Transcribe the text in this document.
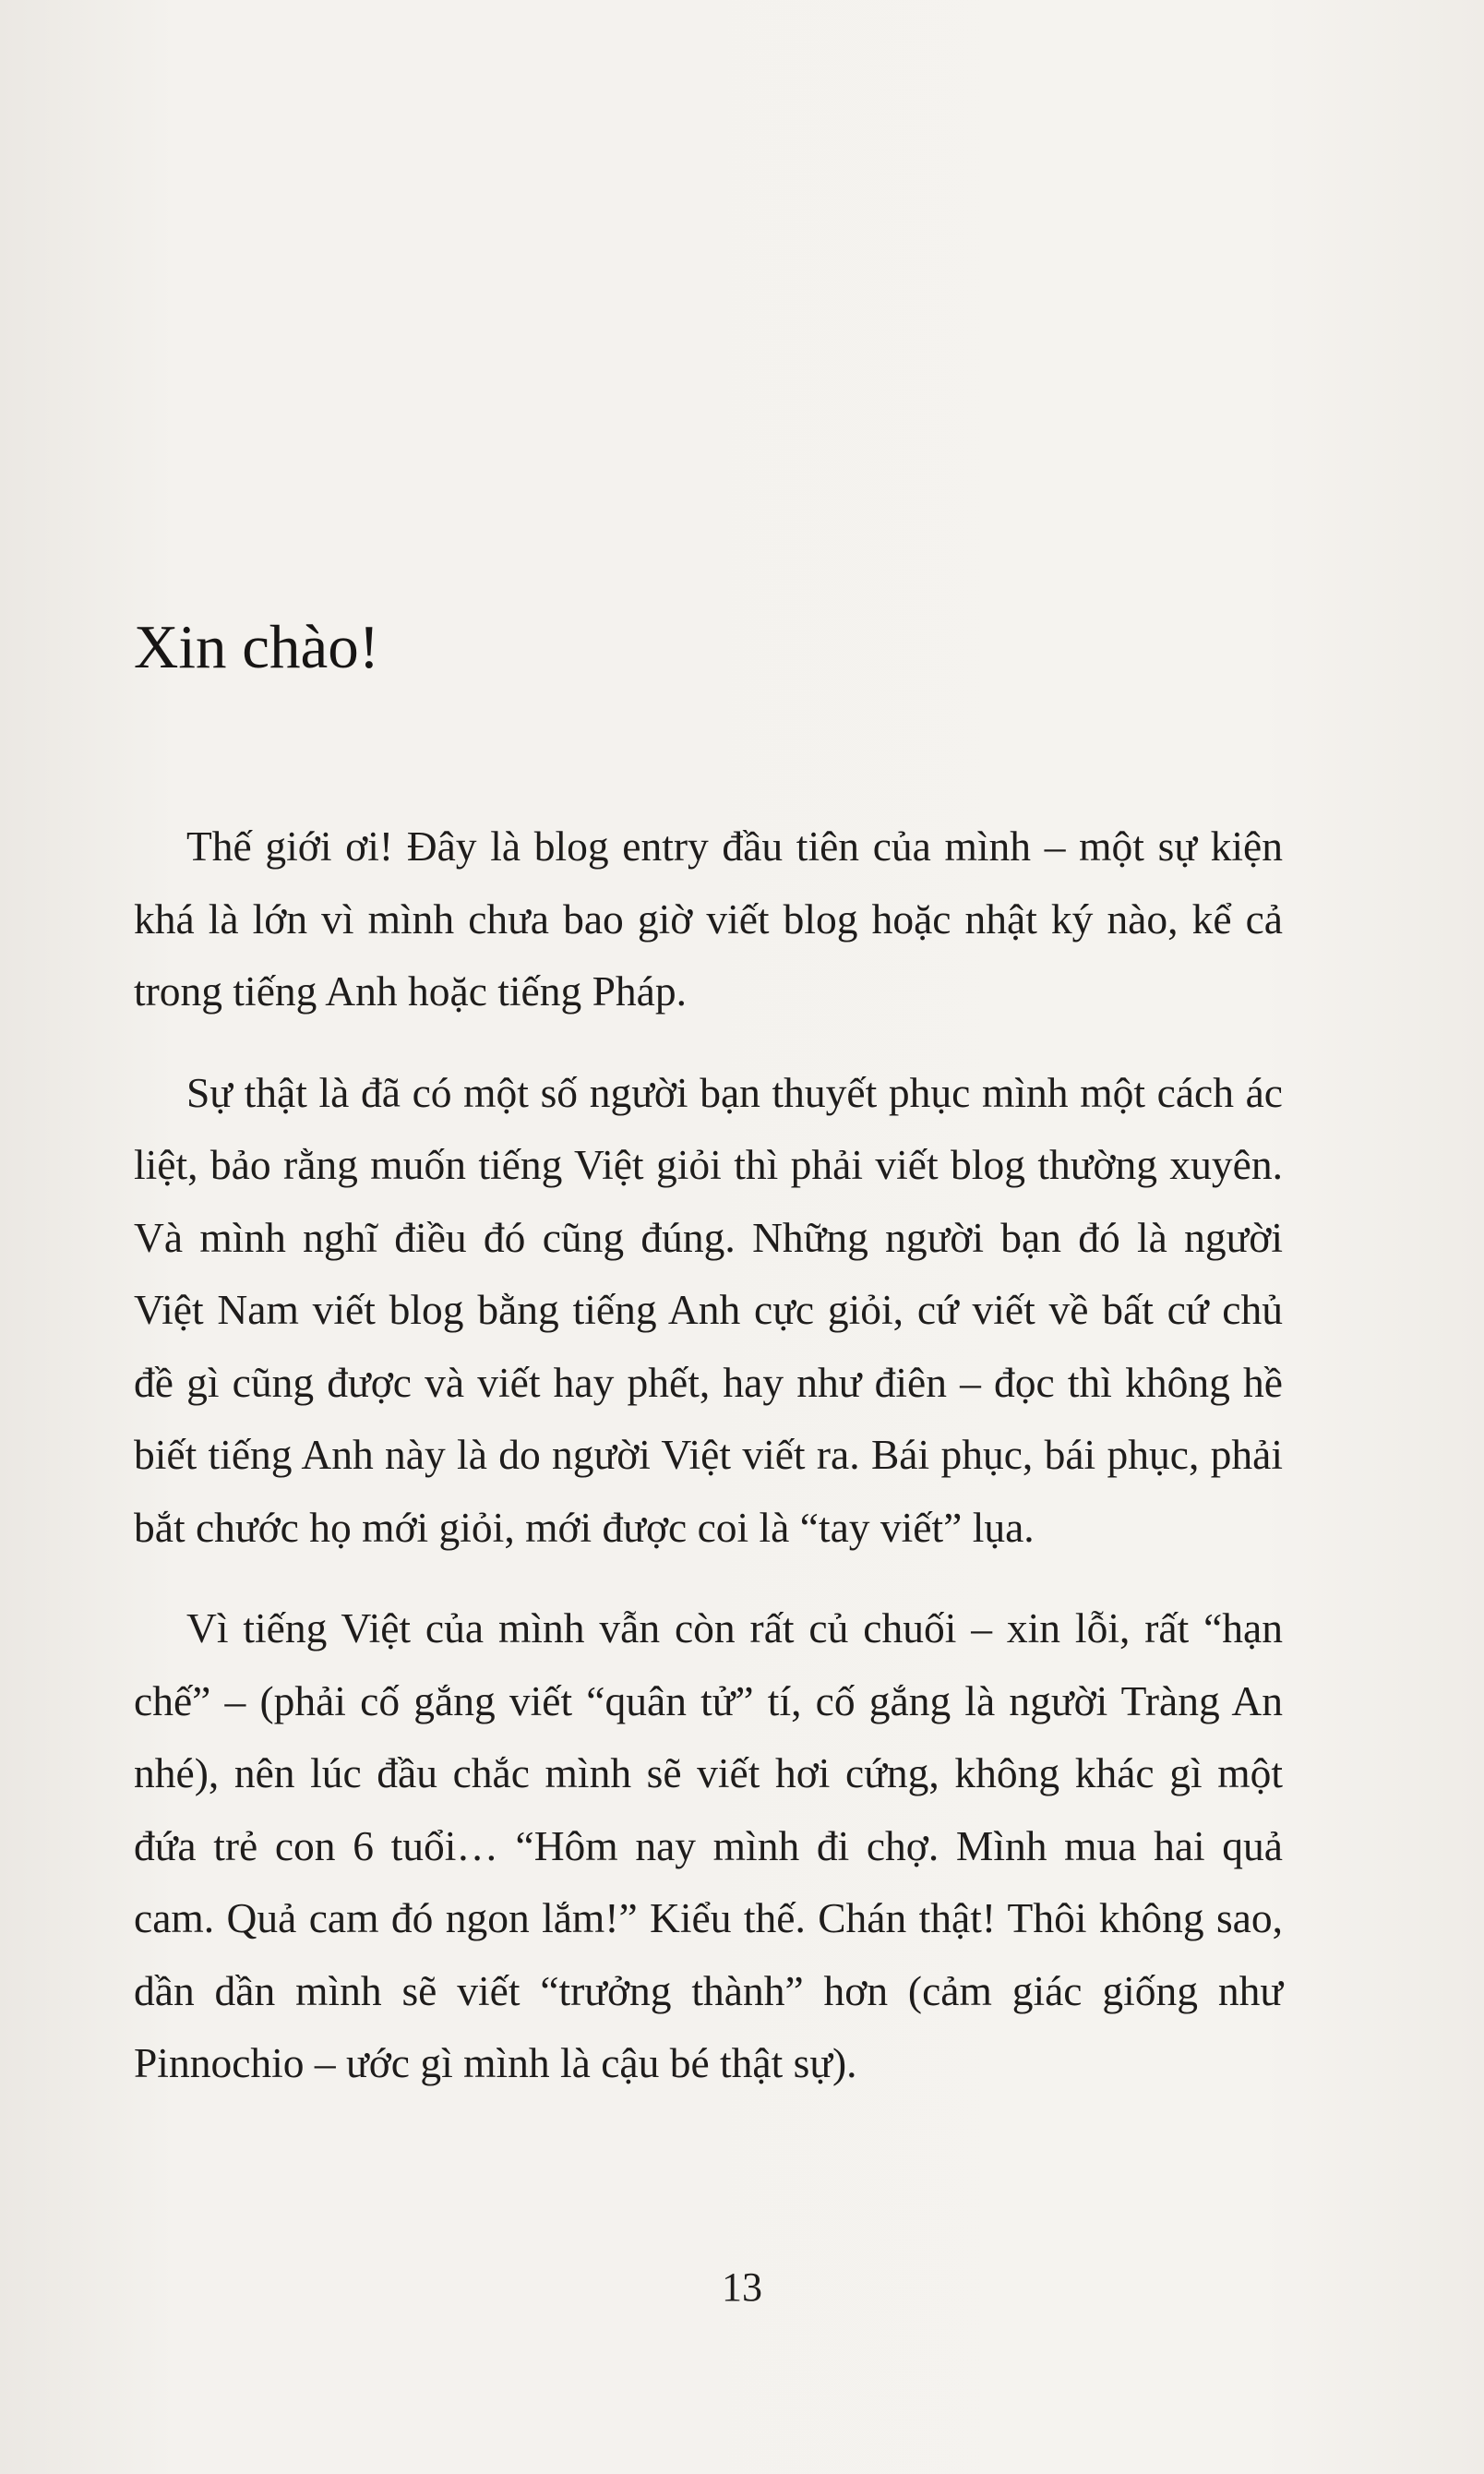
Xin chào!

Thế giới ơi! Đây là blog entry đầu tiên của mình – một sự kiện khá là lớn vì mình chưa bao giờ viết blog hoặc nhật ký nào, kể cả trong tiếng Anh hoặc tiếng Pháp.

Sự thật là đã có một số người bạn thuyết phục mình một cách ác liệt, bảo rằng muốn tiếng Việt giỏi thì phải viết blog thường xuyên. Và mình nghĩ điều đó cũng đúng. Những người bạn đó là người Việt Nam viết blog bằng tiếng Anh cực giỏi, cứ viết về bất cứ chủ đề gì cũng được và viết hay phết, hay như điên – đọc thì không hề biết tiếng Anh này là do người Việt viết ra. Bái phục, bái phục, phải bắt chước họ mới giỏi, mới được coi là “tay viết” lụa.

Vì tiếng Việt của mình vẫn còn rất củ chuối – xin lỗi, rất “hạn chế” – (phải cố gắng viết “quân tử” tí, cố gắng là người Tràng An nhé), nên lúc đầu chắc mình sẽ viết hơi cứng, không khác gì một đứa trẻ con 6 tuổi… “Hôm nay mình đi chợ. Mình mua hai quả cam. Quả cam đó ngon lắm!” Kiểu thế. Chán thật! Thôi không sao, dần dần mình sẽ viết “trưởng thành” hơn (cảm giác giống như Pinnochio – ước gì mình là cậu bé thật sự).

13
